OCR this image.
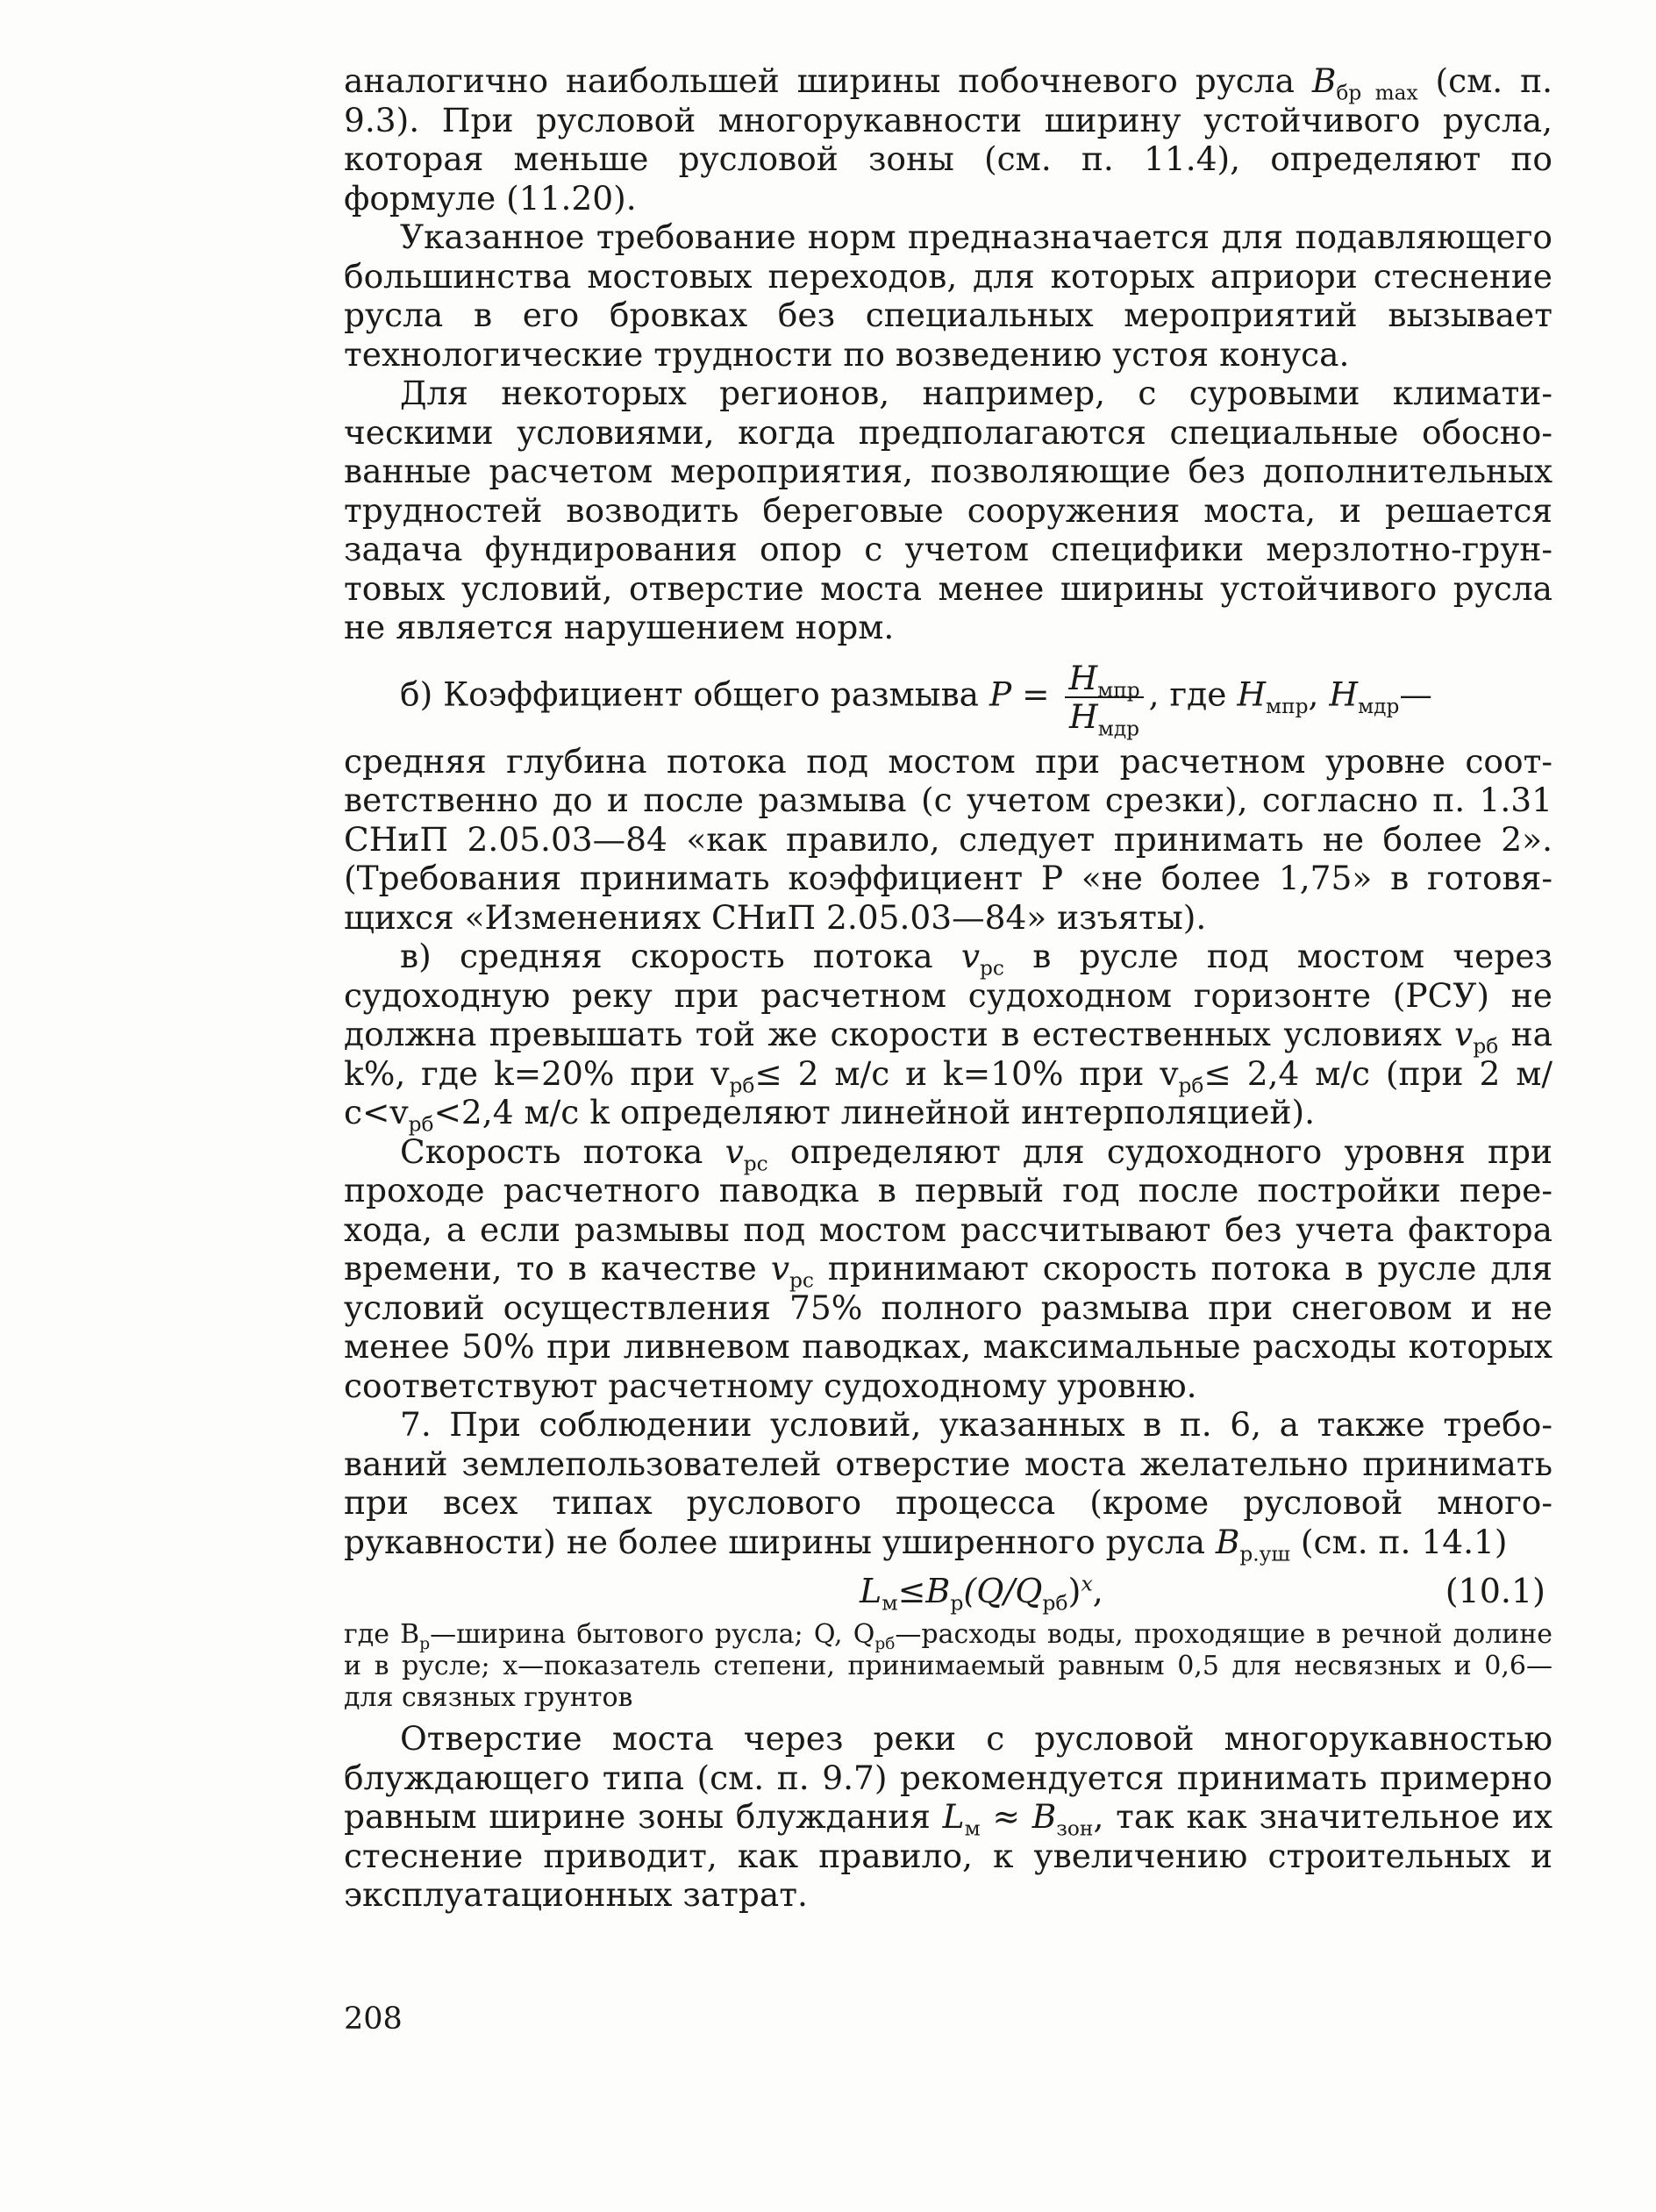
аналогично наибольшей ширины побочневого русла $B_{бр max}$ (см. п. 9.3). При русловой многорукавности ширину устойчивого русла, которая меньше русловой зоны (см. п. 11.4), определяют по формуле (11.20).

Указанное требование норм предназначается для подавляющего большинства мостовых переходов, для которых априори стеснение русла в его бровках без специальных мероприятий вызывает технологические трудности по возведению устоя конуса.

Для некоторых регионов, например, с суровыми климатическими условиями, когда предполагаются специальные обоснованные расчетом мероприятия, позволяющие без дополнительных трудностей возводить береговые сооружения моста, и решается задача фундирования опор с учетом специфики мерзлотно-грунтовых условий, отверстие моста менее ширины устойчивого русла не является нарушением норм.

б) Коэффициент общего размыва $P = \frac{H_{мпр}}{H_{мдр}}$ , где $H_{мпр}$, $H_{мдр}—$

средняя глубина потока под мостом при расчетном уровне соответственно до и после размыва (с учетом срезки), согласно п. 1.31 СНиП 2.05.03—84 «как правило, следует принимать не более 2». (Требования принимать коэффициент P «не более 1,75» в готовящихся «Изменениях СНиП 2.05.03—84» изъяты).

в) средняя скорость потока $v_{рс}$ в русле под мостом через судоходную реку при расчетном судоходном горизонте (РСУ) не должна превышать той же скорости в естественных условиях $v_{рб}$ на k%, где k=20% при $v_{рб}\le 2$ м/с и k=10% при $v_{рб}\le 2,4$ м/с (при 2 $м/с<v_{рб}<2,4$ м/с k определяют линейной интерполяцией).

Скорость потока $v_{рс}$ определяют для судоходного уровня при проходе расчетного паводка в первый год после постройки перехода, а если размывы под мостом рассчитывают без учета фактора времени, то в качестве $v_{рс}$ принимают скорость потока в русле для условий осуществления 75% полного размыва при снеговом и не менее 50% при ливневом паводках, максимальные расходы которых соответствуют расчетному судоходному уровню.

7. При соблюдении условий, указанных в п. 6, а также требований землепользователей отверстие моста желательно принимать при всех типах руслового процесса (кроме русловой многорукавности) не более ширины уширенного русла $B_{р.уш}$ (см. п. 14.1)

$L_м\le B_р(Q/Q_{рб})^x$,	(10.1)

где $B_р—ширина$ бытового русла; Q, $Q_{рб}—расходы$ воды, проходящие в речной долине и в русле; x—показатель степени, принимаемый равным 0,5 для несвязных и 0,6—для связных грунтов

Отверстие моста через реки с русловой многорукавностью блуждающего типа (см. п. 9.7) рекомендуется принимать примерно равным ширине зоны блуждания $L_м \approx B_{зон}$, так как значительное их стеснение приводит, как правило, к увеличению строительных и эксплуатационных затрат.

208
